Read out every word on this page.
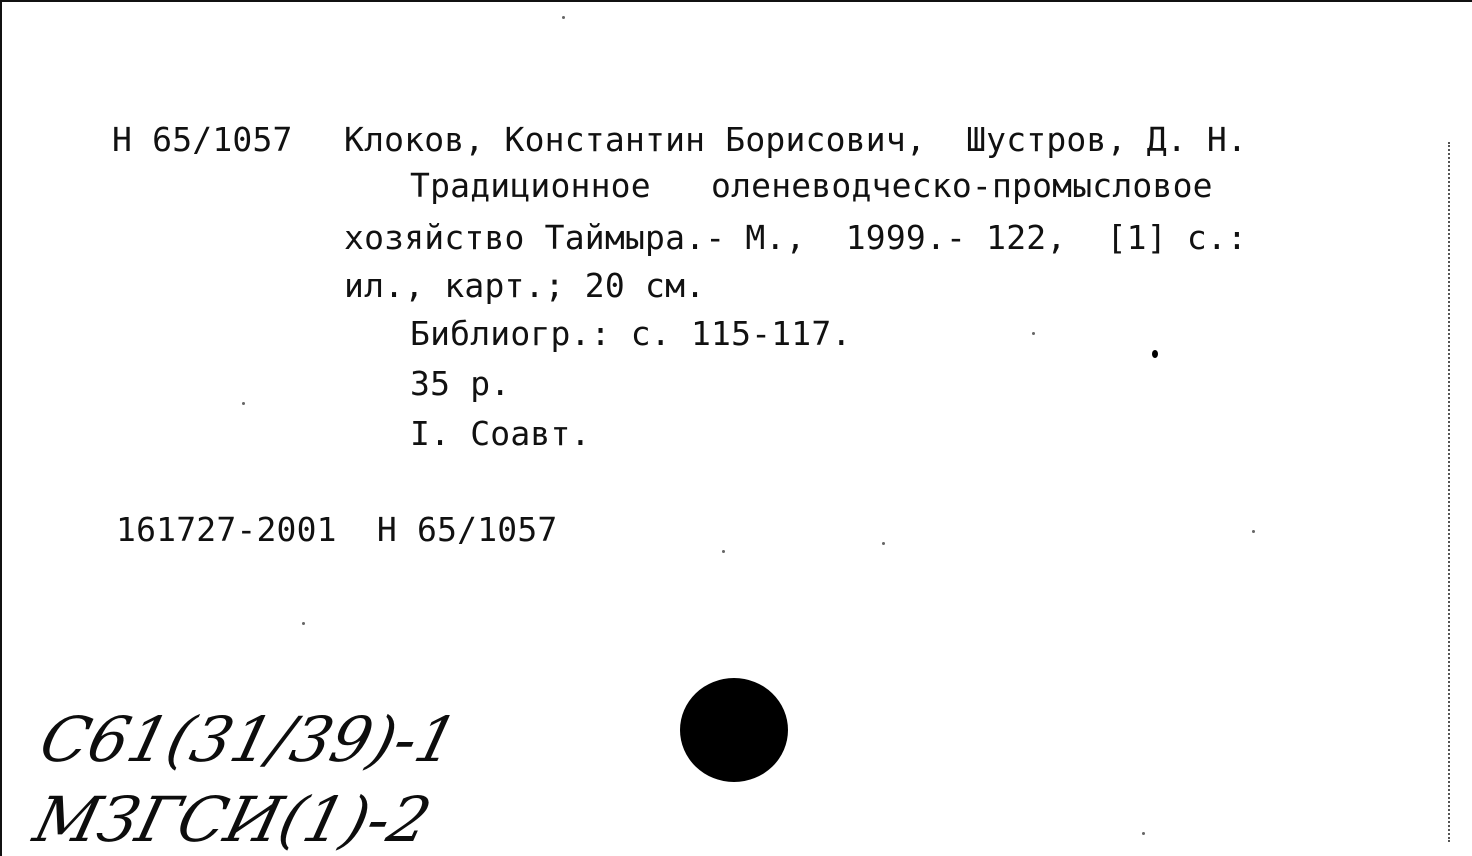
Н 65/1057 Клоков, Константин Борисович,  Шустров, Д. Н.
Традиционное   оленеводческо-промысловое
хозяйство Таймыра.- М.,  1999.- 122,  [1] с.:
ил., карт.; 20 см.
Библиогр.: с. 115-117.
35 р.
I. Соавт.
161727-2001  Н 65/1057
С61(31/39)-1
МЗГСИ(1)-2
